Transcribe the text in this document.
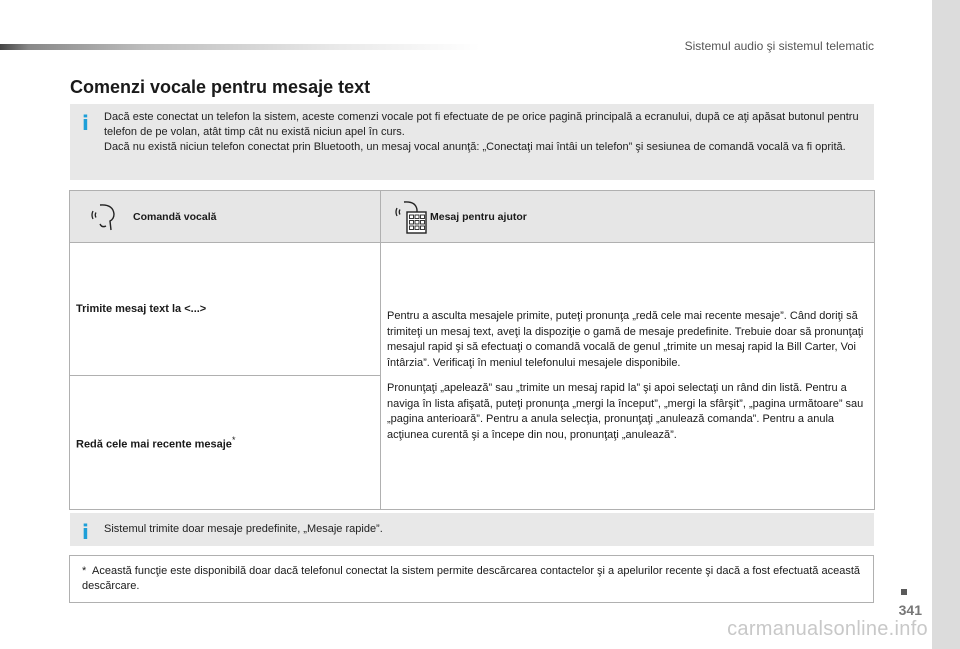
Sistemul audio şi sistemul telematic
Comenzi vocale pentru mesaje text
i Dacă este conectat un telefon la sistem, aceste comenzi vocale pot fi efectuate de pe orice pagină principală a ecranului, după ce aţi apăsat butonul pentru telefon de pe volan, atât timp cât nu există niciun apel în curs.

Dacă nu există niciun telefon conectat prin Bluetooth, un mesaj vocal anunţă: „Conectaţi mai întâi un telefon” şi sesiunea de comandă vocală va fi oprită.

Comandă vocală	Mesaj pentru ajutor

Trimite mesaj text la <...>	Pentru a asculta mesajele primite, puteţi pronunţa „redă cele mai recente mesaje”. Când doriţi să trimiteţi un mesaj text, aveţi la dispoziţie o gamă de mesaje predefinite. Trebuie doar să pronunţaţi mesajul rapid şi să efectuaţi o comandă vocală de genul „trimite un mesaj rapid la Bill Carter, Voi întârzia”. Verificaţi în meniul telefonului mesajele disponibile.

Pronunţaţi „apelează” sau „trimite un mesaj rapid la” şi apoi selectaţi un rând din listă. Pentru a naviga în lista afişată, puteţi pronunţa „mergi la început”, „mergi la sfârşit”, „pagina următoare” sau „pagina anterioară”. Pentru a anula selecţia, pronunţaţi „anulează comanda”. Pentru a anula acţiunea curentă şi a începe din nou, pronunţaţi „anulează”.

Redă cele mai recente mesaje*
i Sistemul trimite doar mesaje predefinite, „Mesaje rapide”.

* Această funcţie este disponibilă doar dacă telefonul conectat la sistem permite descărcarea contactelor şi a apelurilor recente şi dacă a fost efectuată această descărcare.
341
carmanualsonline.info
